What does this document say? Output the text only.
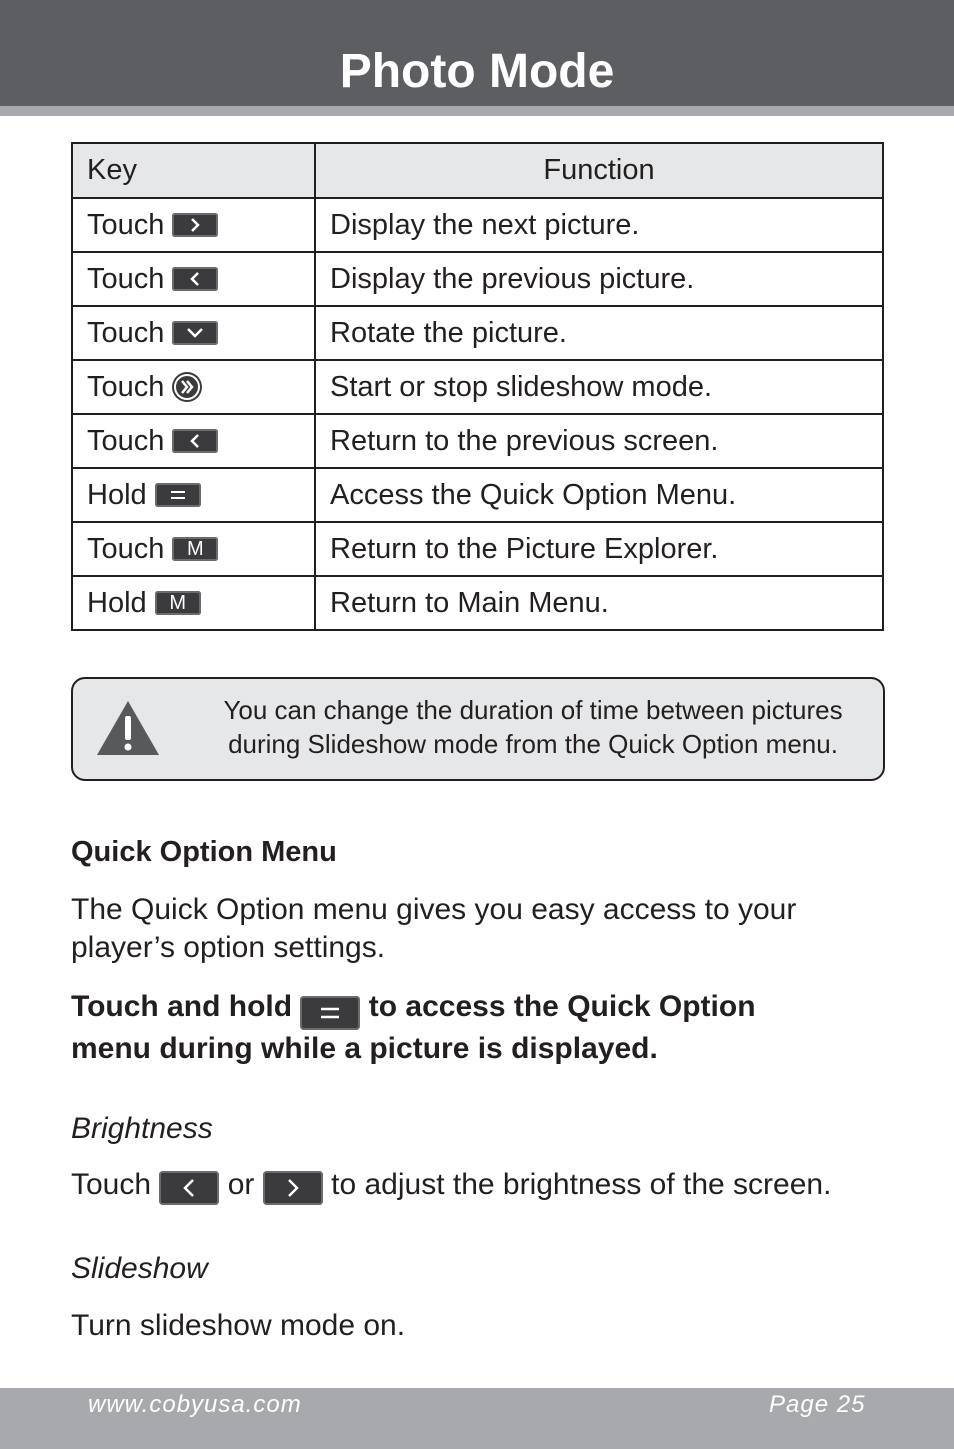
Photo Mode
Key	Function

Touch	Display the next picture.

Touch	Display the previous picture.

Touch	Rotate the picture.

Touch	Start or stop slideshow mode.

Touch	Return to the previous screen.

Hold	Access the Quick Option Menu.

Touch M	Return to the Picture Explorer.

Hold M	Return to Main Menu.
You can change the duration of time between pictures
during Slideshow mode from the Quick Option menu.
Quick Option Menu
The Quick Option menu gives you easy access to your player’s option settings.
Touch and hold	to access the Quick Option
menu during while a picture is displayed.
Brightness
Touch	or	to adjust the brightness of the screen.
Slideshow
Turn slideshow mode on.
www.cobyusa.com	Page 25
